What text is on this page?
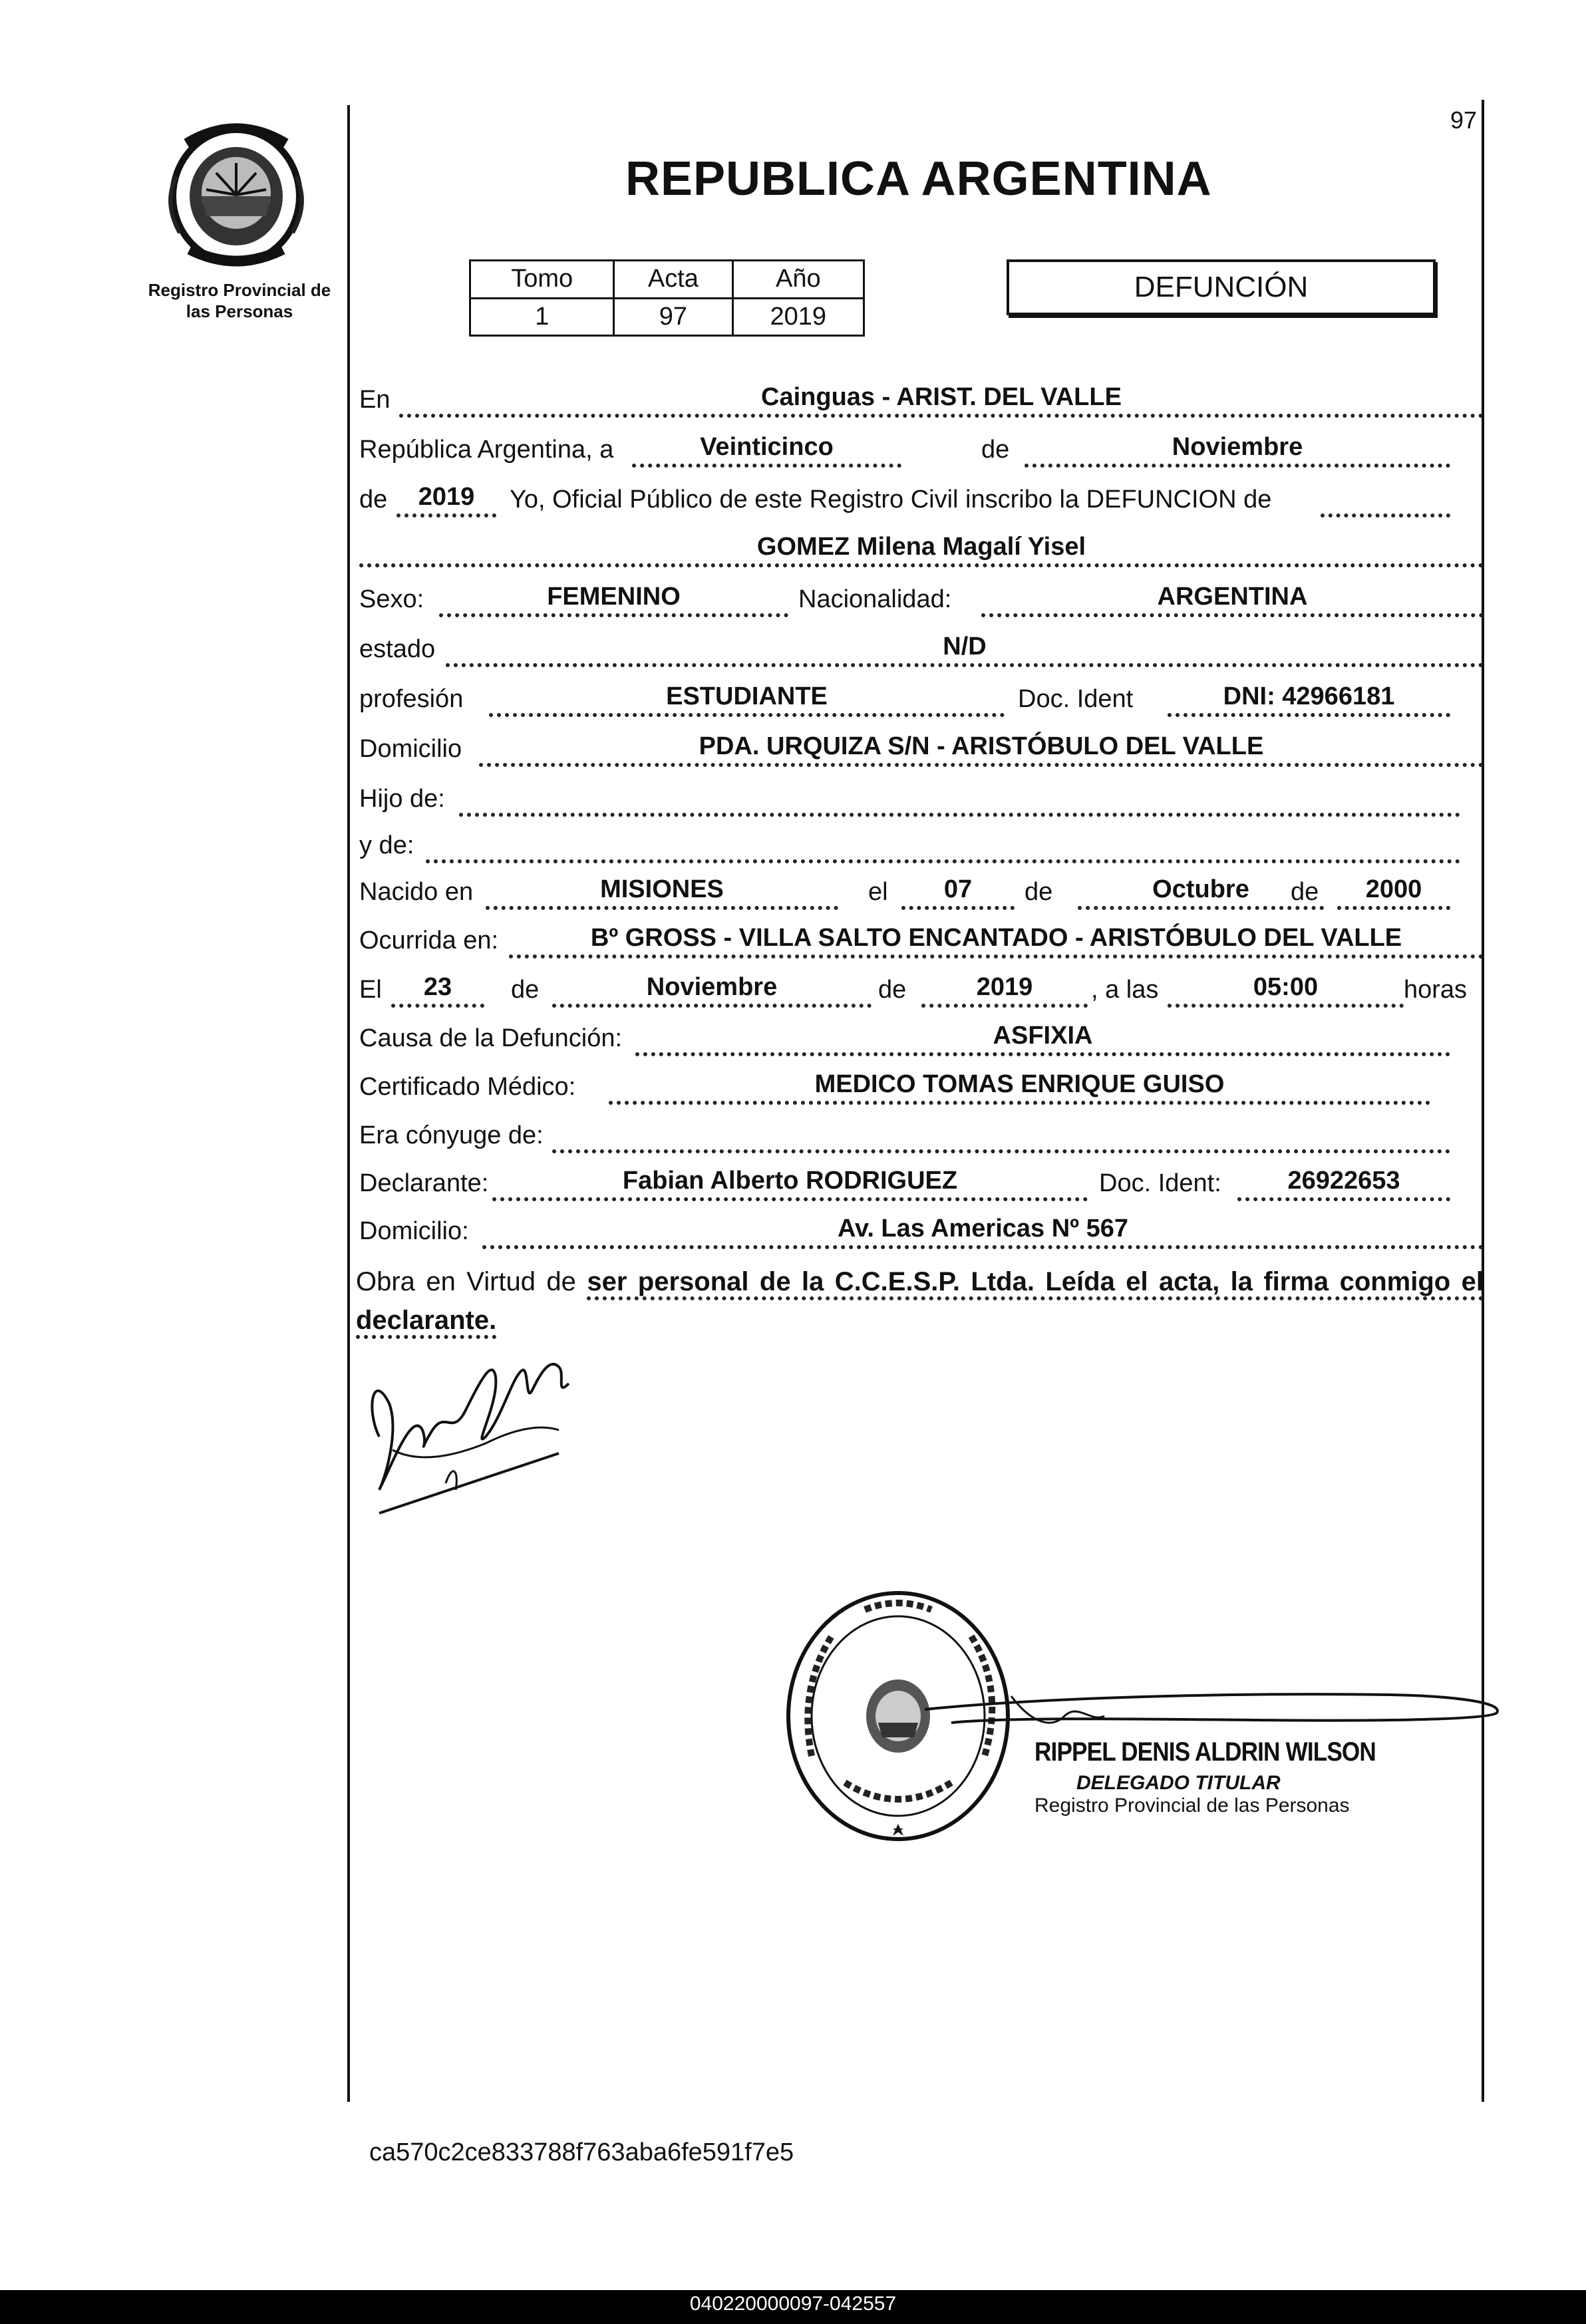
Registro Provincial de
las Personas
97
REPUBLICA ARGENTINA
Tomo	Acta	Año
1	97	2019
DEFUNCIÓN
En	Cainguas - ARIST. DEL VALLE
República Argentina, a	Veinticinco	de	Noviembre
de	2019	Yo, Oficial Público de este Registro Civil inscribo la DEFUNCION de
GOMEZ Milena Magalí Yisel
Sexo:	FEMENINO	Nacionalidad:	ARGENTINA
estado	N/D
profesión	ESTUDIANTE	Doc. Ident	DNI: 42966181
Domicilio	PDA. URQUIZA S/N - ARISTÓBULO DEL VALLE
Hijo de:
y de:
Nacido en	MISIONES	el	07	de	Octubre	de	2000
Ocurrida en:	Bº GROSS - VILLA SALTO ENCANTADO - ARISTÓBULO DEL VALLE
El	23	de	Noviembre	de	2019	, a las	05:00	horas
Causa de la Defunción:	ASFIXIA
Certificado Médico:	MEDICO TOMAS ENRIQUE GUISO
Era cónyuge de:
Declarante:	Fabian Alberto RODRIGUEZ	Doc. Ident:	26922653
Domicilio:	Av. Las Americas Nº 567
Obra en Virtud de ser personal de la C.C.E.S.P. Ltda. Leída el acta, la firma conmigo el declarante.
RIPPEL DENIS ALDRIN WILSON
DELEGADO TITULAR
Registro Provincial de las Personas
ca570c2ce833788f763aba6fe591f7e5
040220000097-042557
